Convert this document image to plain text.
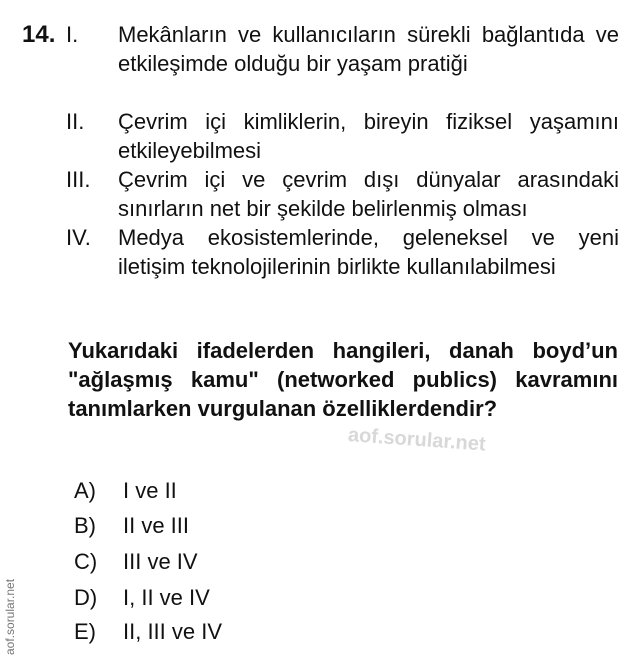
14. I. Mekânların ve kullanıcıların sürekli bağlantıda ve etkileşimde olduğu bir yaşam pratiği
II. Çevrim içi kimliklerin, bireyin fiziksel yaşamını etkileyebilmesi
III. Çevrim içi ve çevrim dışı dünyalar arasındaki sınırların net bir şekilde belirlenmiş olması
IV. Medya ekosistemlerinde, geleneksel ve yeni iletişim teknolojilerinin birlikte kullanılabilmesi
Yukarıdaki ifadelerden hangileri, danah boyd’un "ağlaşmış kamu" (networked publics) kavramını tanımlarken vurgulanan özelliklerdendir?
aof.sorular.net
aof.sorular.net
A) I ve II
B) II ve III
C) III ve IV
D) I, II ve IV
E) II, III ve IV
